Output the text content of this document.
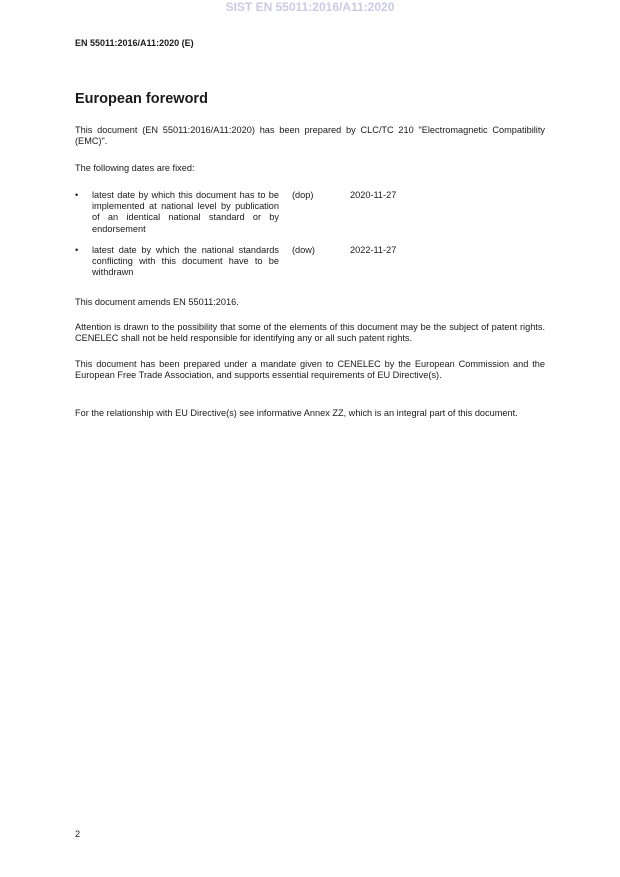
SIST EN 55011:2016/A11:2020
EN 55011:2016/A11:2020 (E)
European foreword

This document (EN 55011:2016/A11:2020) has been prepared by CLC/TC 210 "Electromagnetic Compatibility (EMC)".

The following dates are fixed:

• latest date by which this document has to be implemented at national level by publication of an identical national standard or by endorsement
(dop)	2020-11-27
• latest date by which the national standards conflicting with this document have to be withdrawn
(dow)	2022-11-27

This document amends EN 55011:2016.

Attention is drawn to the possibility that some of the elements of this document may be the subject of patent rights. CENELEC shall not be held responsible for identifying any or all such patent rights.

This document has been prepared under a mandate given to CENELEC by the European Commission and the European Free Trade Association, and supports essential requirements of EU Directive(s).

For the relationship with EU Directive(s) see informative Annex ZZ, which is an integral part of this document.

2
